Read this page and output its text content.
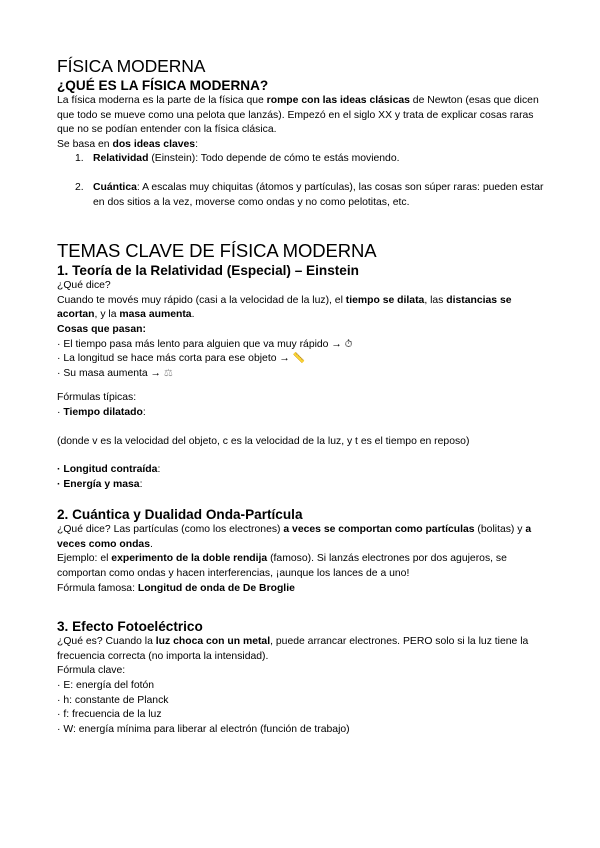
FÍSICA MODERNA
¿QUÉ ES LA FÍSICA MODERNA?
La física moderna es la parte de la física que rompe con las ideas clásicas de Newton (esas que dicen que todo se mueve como una pelota que lanzás). Empezó en el siglo XX y trata de explicar cosas raras que no se podían entender con la física clásica.
Se basa en dos ideas claves:
1. Relatividad (Einstein): Todo depende de cómo te estás moviendo.
2. Cuántica: A escalas muy chiquitas (átomos y partículas), las cosas son súper raras: pueden estar en dos sitios a la vez, moverse como ondas y no como pelotitas, etc.
TEMAS CLAVE DE FÍSICA MODERNA
1. Teoría de la Relatividad (Especial) – Einstein
¿Qué dice?
Cuando te movés muy rápido (casi a la velocidad de la luz), el tiempo se dilata, las distancias se acortan, y la masa aumenta.
Cosas que pasan:
· El tiempo pasa más lento para alguien que va muy rápido → ⏱
· La longitud se hace más corta para ese objeto → 📏
· Su masa aumenta → ⚖
Fórmulas típicas:
· Tiempo dilatado:
(donde v es la velocidad del objeto, c es la velocidad de la luz, y t es el tiempo en reposo)
· Longitud contraída:
· Energía y masa:
2. Cuántica y Dualidad Onda-Partícula
¿Qué dice? Las partículas (como los electrones) a veces se comportan como partículas (bolitas) y a veces como ondas.
Ejemplo: el experimento de la doble rendija (famoso). Si lanzás electrones por dos agujeros, se comportan como ondas y hacen interferencias, ¡aunque los lances de a uno!
Fórmula famosa: Longitud de onda de De Broglie
3. Efecto Fotoeléctrico
¿Qué es? Cuando la luz choca con un metal, puede arrancar electrones. PERO solo si la luz tiene la frecuencia correcta (no importa la intensidad).
Fórmula clave:
· E: energía del fotón
· h: constante de Planck
· f: frecuencia de la luz
· W: energía mínima para liberar al electrón (función de trabajo)
